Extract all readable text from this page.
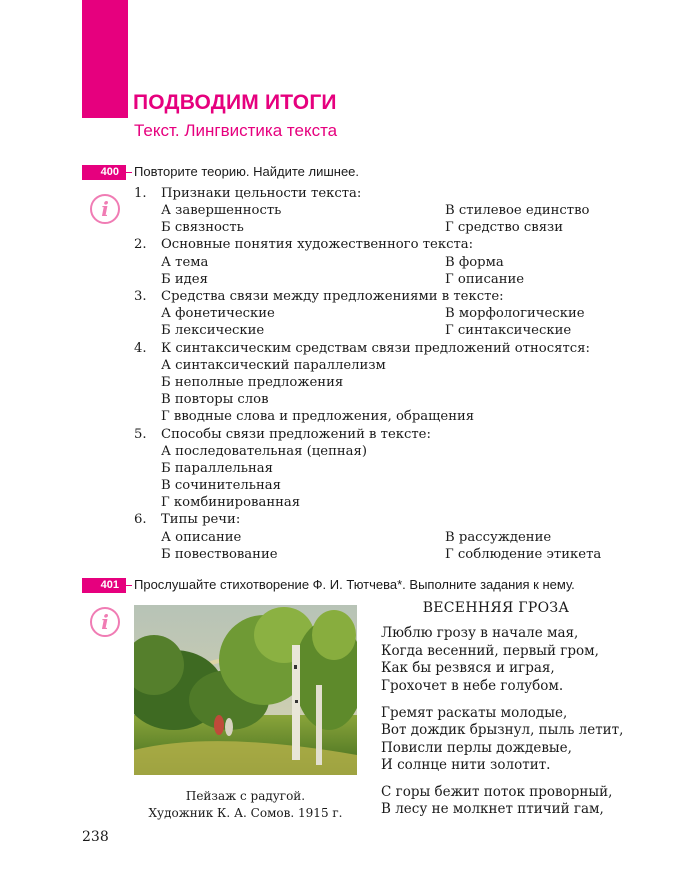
ПОДВОДИМ ИТОГИ
Текст. Лингвистика текста
400	Повторите теорию. Найдите лишнее.
i
1. Признаки цельности текста:
А завершенность	В стилевое единство
Б связность	Г средство связи
2. Основные понятия художественного текста:
А тема	В форма
Б идея	Г описание
3. Средства связи между предложениями в тексте:
А фонетические	В морфологические
Б лексические	Г синтаксические
4. К синтаксическим средствам связи предложений относятся:
А синтаксический параллелизм
Б неполные предложения
В повторы слов
Г вводные слова и предложения, обращения
5. Способы связи предложений в тексте:
А последовательная (цепная)
Б параллельная
В сочинительная
Г комбинированная
6. Типы речи:
А описание	В рассуждение
Б повествование	Г соблюдение этикета
401	Прослушайте стихотворение Ф. И. Тютчева*. Выполните задания к нему.
i
Пейзаж с радугой.
Художник К. А. Сомов. 1915 г.
ВЕСЕННЯЯ ГРОЗА
Люблю грозу в начале мая,
Когда весенний, первый гром,
Как бы резвяся и играя,
Грохочет в небе голубом.
Гремят раскаты молодые,
Вот дождик брызнул, пыль летит,
Повисли перлы дождевые,
И солнце нити золотит.
С горы бежит поток проворный,
В лесу не молкнет птичий гам,
238
